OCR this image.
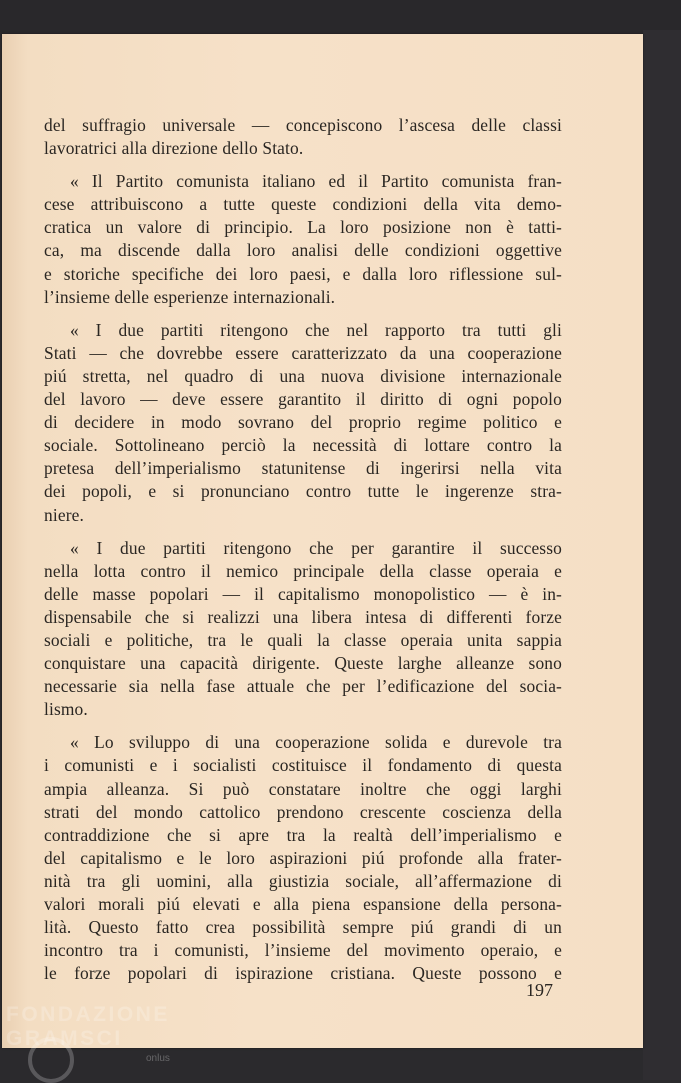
del suffragio universale — concepiscono l’ascesa delle classi
lavoratrici alla direzione dello Stato.
« Il Partito comunista italiano ed il Partito comunista fran-
cese attribuiscono a tutte queste condizioni della vita demo-
cratica un valore di principio. La loro posizione non è tatti-
ca, ma discende dalla loro analisi delle condizioni oggettive
e storiche specifiche dei loro paesi, e dalla loro riflessione sul-
l’insieme delle esperienze internazionali.
« I due partiti ritengono che nel rapporto tra tutti gli
Stati — che dovrebbe essere caratterizzato da una cooperazione
piú stretta, nel quadro di una nuova divisione internazionale
del lavoro — deve essere garantito il diritto di ogni popolo
di decidere in modo sovrano del proprio regime politico e
sociale. Sottolineano perciò la necessità di lottare contro la
pretesa dell’imperialismo statunitense di ingerirsi nella vita
dei popoli, e si pronunciano contro tutte le ingerenze stra-
niere.
« I due partiti ritengono che per garantire il successo
nella lotta contro il nemico principale della classe operaia e
delle masse popolari — il capitalismo monopolistico — è in-
dispensabile che si realizzi una libera intesa di differenti forze
sociali e politiche, tra le quali la classe operaia unita sappia
conquistare una capacità dirigente. Queste larghe alleanze sono
necessarie sia nella fase attuale che per l’edificazione del socia-
lismo.
« Lo sviluppo di una cooperazione solida e durevole tra
i comunisti e i socialisti costituisce il fondamento di questa
ampia alleanza. Si può constatare inoltre che oggi larghi
strati del mondo cattolico prendono crescente coscienza della
contraddizione che si apre tra la realtà dell’imperialismo e
del capitalismo e le loro aspirazioni piú profonde alla frater-
nità tra gli uomini, alla giustizia sociale, all’affermazione di
valori morali piú elevati e alla piena espansione della persona-
lità. Questo fatto crea possibilità sempre piú grandi di un
incontro tra i comunisti, l’insieme del movimento operaio, e
le forze popolari di ispirazione cristiana. Queste possono e
197
FONDAZIONE GRAMSCI
onlus
